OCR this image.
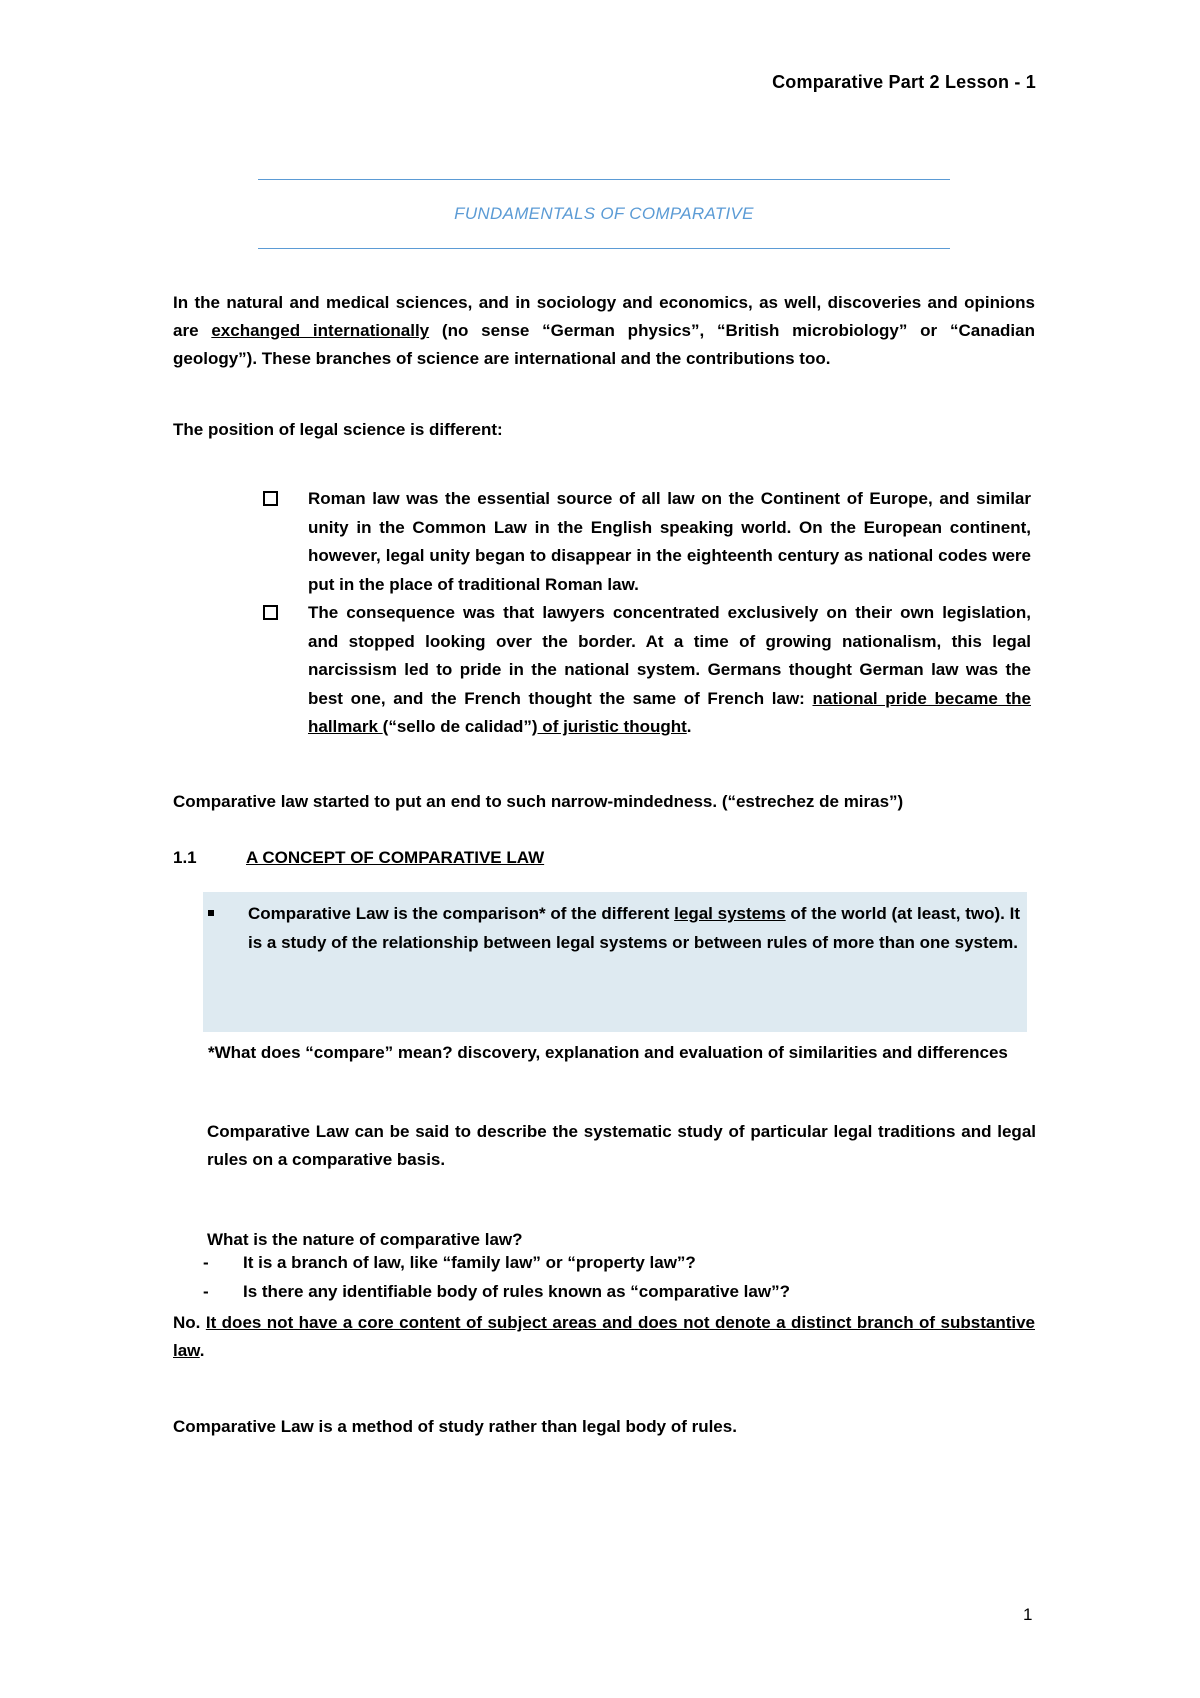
Comparative Part 2 Lesson - 1
FUNDAMENTALS OF COMPARATIVE
In the natural and medical sciences, and in sociology and economics, as well, discoveries and opinions are exchanged internationally (no sense “German physics”, “British microbiology” or “Canadian geology”). These branches of science are international and the contributions too.
The position of legal science is different:
Roman law was the essential source of all law on the Continent of Europe, and similar unity in the Common Law in the English speaking world. On the European continent, however, legal unity began to disappear in the eighteenth century as national codes were put in the place of traditional Roman law.
The consequence was that lawyers concentrated exclusively on their own legislation, and stopped looking over the border. At a time of growing nationalism, this legal narcissism led to pride in the national system. Germans thought German law was the best one, and the French thought the same of French law: national pride became the hallmark (“sello de calidad”) of juristic thought.
Comparative law started to put an end to such narrow-mindedness. (“estrechez de miras”)
1.1	A CONCEPT OF COMPARATIVE LAW
Comparative Law is the comparison* of the different legal systems of the world (at least, two). It is a study of the relationship between legal systems or between rules of more than one system.
*What does “compare” mean? discovery, explanation and evaluation of similarities and differences
Comparative Law can be said to describe the systematic study of particular legal traditions and legal rules on a comparative basis.
What is the nature of comparative law?
- It is a branch of law, like “family law” or “property law”?
- Is there any identifiable body of rules known as “comparative law”?
No. It does not have a core content of subject areas and does not denote a distinct branch of substantive law.
Comparative Law is a method of study rather than legal body of rules.
1
